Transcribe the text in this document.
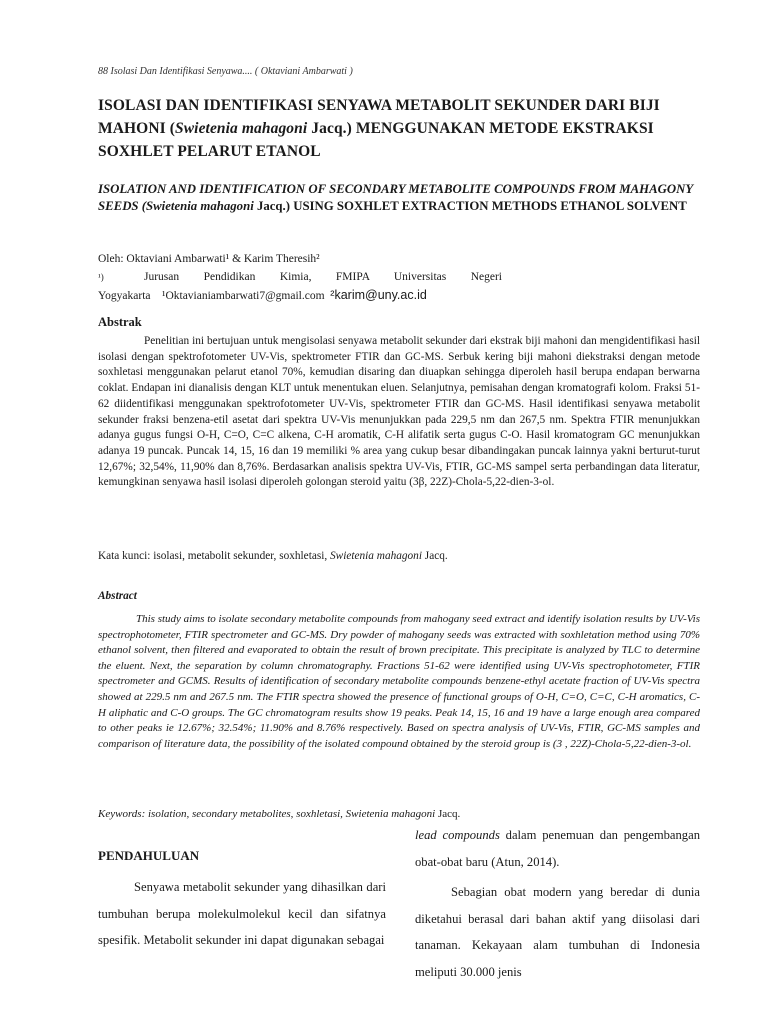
88 Isolasi Dan Identifikasi Senyawa.... ( Oktaviani Ambarwati )
ISOLASI DAN IDENTIFIKASI SENYAWA METABOLIT SEKUNDER DARI BIJI MAHONI (Swietenia mahagoni Jacq.) MENGGUNAKAN METODE EKSTRAKSI SOXHLET PELARUT ETANOL
ISOLATION AND IDENTIFICATION OF SECONDARY METABOLITE COMPOUNDS FROM MAHAGONY SEEDS (Swietenia mahagoni Jacq.) USING SOXHLET EXTRACTION METHODS ETHANOL SOLVENT
Oleh: Oktaviani Ambarwati¹ & Karim Theresih²
¹)	Jurusan Pendidikan Kimia, FMIPA Universitas Negeri
Yogyakarta ¹Oktavianiambarwati7@gmail.com ²karim@uny.ac.id
Abstrak

Penelitian ini bertujuan untuk mengisolasi senyawa metabolit sekunder dari ekstrak biji mahoni dan mengidentifikasi hasil isolasi dengan spektrofotometer UV-Vis, spektrometer FTIR dan GC-MS. Serbuk kering biji mahoni diekstraksi dengan metode soxhletasi menggunakan pelarut etanol 70%, kemudian disaring dan diuapkan sehingga diperoleh hasil berupa endapan berwarna coklat. Endapan ini dianalisis dengan KLT untuk menentukan eluen. Selanjutnya, pemisahan dengan kromatografi kolom. Fraksi 51-62 diidentifikasi menggunakan spektrofotometer UV-Vis, spektrometer FTIR dan GC-MS. Hasil identifikasi senyawa metabolit sekunder fraksi benzena-etil asetat dari spektra UV-Vis menunjukkan pada 229,5 nm dan 267,5 nm. Spektra FTIR menunjukkan adanya gugus fungsi O-H, C=O, C=C alkena, C-H aromatik, C-H alifatik serta gugus C-O. Hasil kromatogram GC menunjukkan adanya 19 puncak. Puncak 14, 15, 16 dan 19 memiliki % area yang cukup besar dibandingakan puncak lainnya yakni berturut-turut 12,67%; 32,54%, 11,90% dan 8,76%. Berdasarkan analisis spektra UV-Vis, FTIR, GC-MS sampel serta perbandingan data literatur, kemungkinan senyawa hasil isolasi diperoleh golongan steroid yaitu (3β, 22Z)-Chola-5,22-dien-3-ol.

Kata kunci: isolasi, metabolit sekunder, soxhletasi, Swietenia mahagoni Jacq.
Abstract

This study aims to isolate secondary metabolite compounds from mahogany seed extract and identify isolation results by UV-Vis spectrophotometer, FTIR spectrometer and GC-MS. Dry powder of mahogany seeds was extracted with soxhletation method using 70% ethanol solvent, then filtered and evaporated to obtain the result of brown precipitate. This precipitate is analyzed by TLC to determine the eluent. Next, the separation by column chromatography. Fractions 51-62 were identified using UV-Vis spectrophotometer, FTIR spectrometer and GCMS. Results of identification of secondary metabolite compounds benzene-ethyl acetate fraction of UV-Vis spectra showed at 229.5 nm and 267.5 nm. The FTIR spectra showed the presence of functional groups of O-H, C=O, C=C, C-H aromatics, C-H aliphatic and C-O groups. The GC chromatogram results show 19 peaks. Peak 14, 15, 16 and 19 have a large enough area compared to other peaks ie 12.67%; 32.54%; 11.90% and 8.76% respectively. Based on spectra analysis of UV-Vis, FTIR, GC-MS samples and comparison of literature data, the possibility of the isolated compound obtained by the steroid group is (3 , 22Z)-Chola-5,22-dien-3-ol.

Keywords: isolation, secondary metabolites, soxhletasi, Swietenia mahagoni Jacq.
PENDAHULUAN

Senyawa metabolit sekunder yang dihasilkan dari tumbuhan berupa molekulmolekul kecil dan sifatnya spesifik. Metabolit sekunder ini dapat digunakan sebagai

lead compounds dalam penemuan dan pengembangan obat-obat baru (Atun, 2014).

Sebagian obat modern yang beredar di dunia diketahui berasal dari bahan aktif yang diisolasi dari tanaman. Kekayaan alam tumbuhan di Indonesia meliputi 30.000 jenis
